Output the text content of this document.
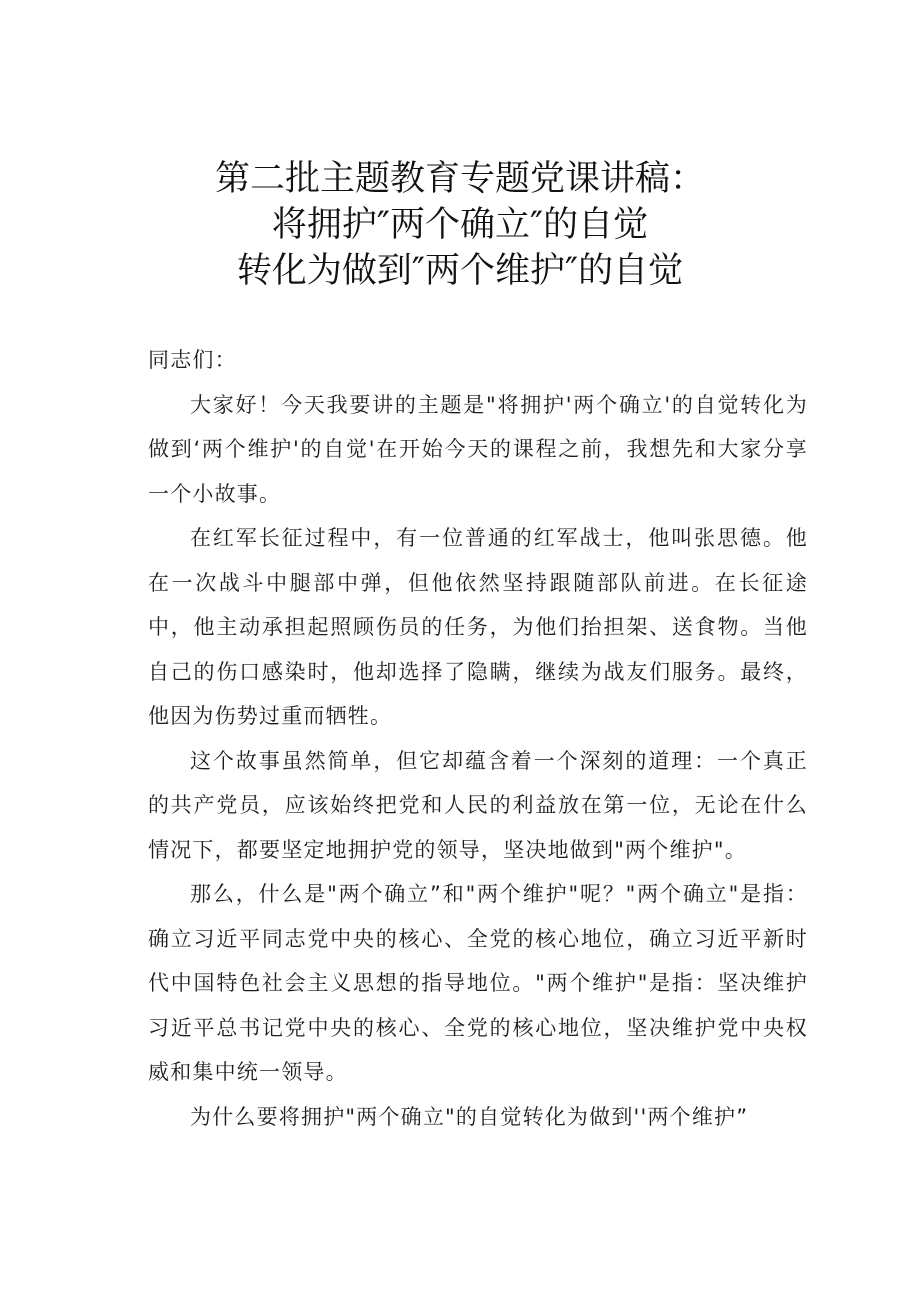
第二批主题教育专题党课讲稿：
将拥护″两个确立″的自觉
转化为做到″两个维护″的自觉

同志们：

大家好！今天我要讲的主题是"将拥护'两个确立'的自觉转化为做到‘两个维护'的自觉'在开始今天的课程之前，我想先和大家分享一个小故事。

在红军长征过程中，有一位普通的红军战士，他叫张思德。他在一次战斗中腿部中弹，但他依然坚持跟随部队前进。在长征途中，他主动承担起照顾伤员的任务，为他们抬担架、送食物。当他自己的伤口感染时，他却选择了隐瞒，继续为战友们服务。最终，他因为伤势过重而牺牲。

这个故事虽然简单，但它却蕴含着一个深刻的道理：一个真正的共产党员，应该始终把党和人民的利益放在第一位，无论在什么情况下，都要坚定地拥护党的领导，坚决地做到"两个维护"。

那么，什么是"两个确立”和"两个维护"呢？"两个确立"是指：确立习近平同志党中央的核心、全党的核心地位，确立习近平新时代中国特色社会主义思想的指导地位。"两个维护"是指：坚决维护习近平总书记党中央的核心、全党的核心地位，坚决维护党中央权威和集中统一领导。

为什么要将拥护"两个确立"的自觉转化为做到''两个维护”
